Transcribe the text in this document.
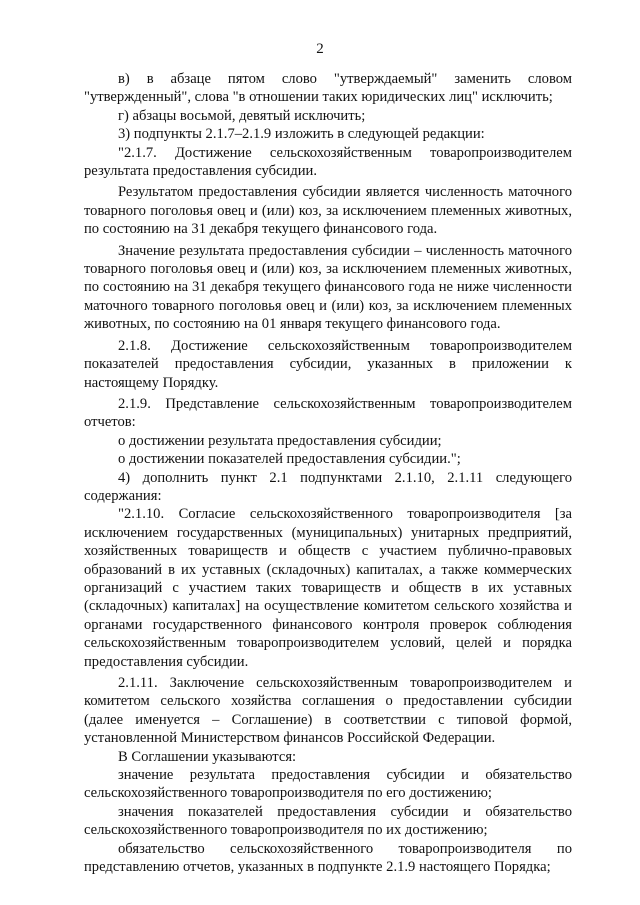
2

в) в абзаце пятом слово "утверждаемый" заменить словом "утвержденный", слова "в отношении таких юридических лиц" исключить;

г) абзацы восьмой, девятый исключить;

3) подпункты 2.1.7–2.1.9 изложить в следующей редакции:

"2.1.7. Достижение сельскохозяйственным товаропроизводителем результата предоставления субсидии.

Результатом предоставления субсидии является численность маточного товарного поголовья овец и (или) коз, за исключением племенных животных, по состоянию на 31 декабря текущего финансового года.

Значение результата предоставления субсидии – численность маточного товарного поголовья овец и (или) коз, за исключением племенных животных, по состоянию на 31 декабря текущего финансового года не ниже численности маточного товарного поголовья овец и (или) коз, за исключением племенных животных, по состоянию на 01 января текущего финансового года.

2.1.8. Достижение сельскохозяйственным товаропроизводителем показателей предоставления субсидии, указанных в приложении к настоящему Порядку.

2.1.9. Представление сельскохозяйственным товаропроизводителем отчетов:

о достижении результата предоставления субсидии;

о достижении показателей предоставления субсидии.";

4) дополнить пункт 2.1 подпунктами 2.1.10, 2.1.11 следующего содержания:

"2.1.10. Согласие сельскохозяйственного товаропроизводителя [за исключением государственных (муниципальных) унитарных предприятий, хозяйственных товариществ и обществ с участием публично-правовых образований в их уставных (складочных) капиталах, а также коммерческих организаций с участием таких товариществ и обществ в их уставных (складочных) капиталах] на осуществление комитетом сельского хозяйства и органами государственного финансового контроля проверок соблюдения сельскохозяйственным товаропроизводителем условий, целей и порядка предоставления субсидии.

2.1.11. Заключение сельскохозяйственным товаропроизводителем и комитетом сельского хозяйства соглашения о предоставлении субсидии (далее именуется – Соглашение) в соответствии с типовой формой, установленной Министерством финансов Российской Федерации.

В Соглашении указываются:

значение результата предоставления субсидии и обязательство сельскохозяйственного товаропроизводителя по его достижению;

значения показателей предоставления субсидии и обязательство сельскохозяйственного товаропроизводителя по их достижению;

обязательство сельскохозяйственного товаропроизводителя по представлению отчетов, указанных в подпункте 2.1.9 настоящего Порядка;
